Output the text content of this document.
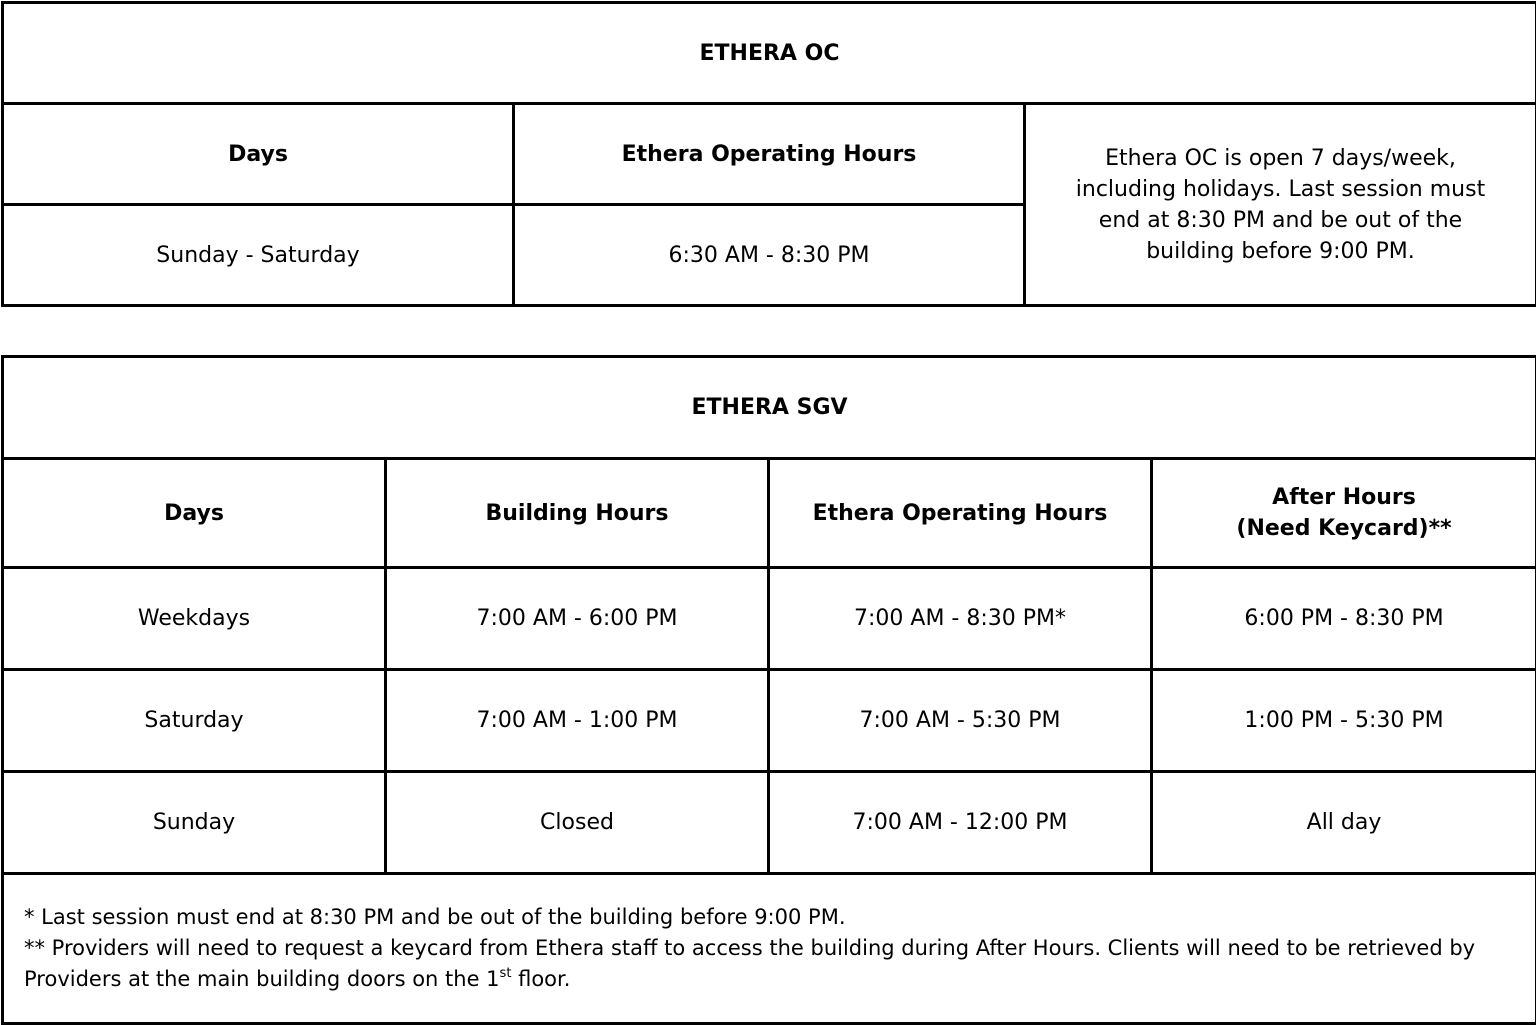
ETHERA OC		
Days	Ethera Operating Hours	Ethera OC is open 7 days/week, including holidays. Last session must end at 8:30 PM and be out of the building before 9:00 PM.
Sunday - Saturday	6:30 AM - 8:30 PM	
ETHERA SGV			
Days	Building Hours	Ethera Operating Hours	After Hours
(Need Keycard)**

Weekdays	7:00 AM - 6:00 PM	7:00 AM - 8:30 PM*	6:00 PM - 8:30 PM
Saturday	7:00 AM - 1:00 PM	7:00 AM - 5:30 PM	1:00 PM - 5:30 PM
Sunday	Closed	7:00 AM - 12:00 PM	All day

* Last session must end at 8:30 PM and be out of the building before 9:00 PM.
** Providers will need to request a keycard from Ethera staff to access the building during After Hours. Clients will need to be retrieved by Providers at the main building doors on the 1st floor.			
